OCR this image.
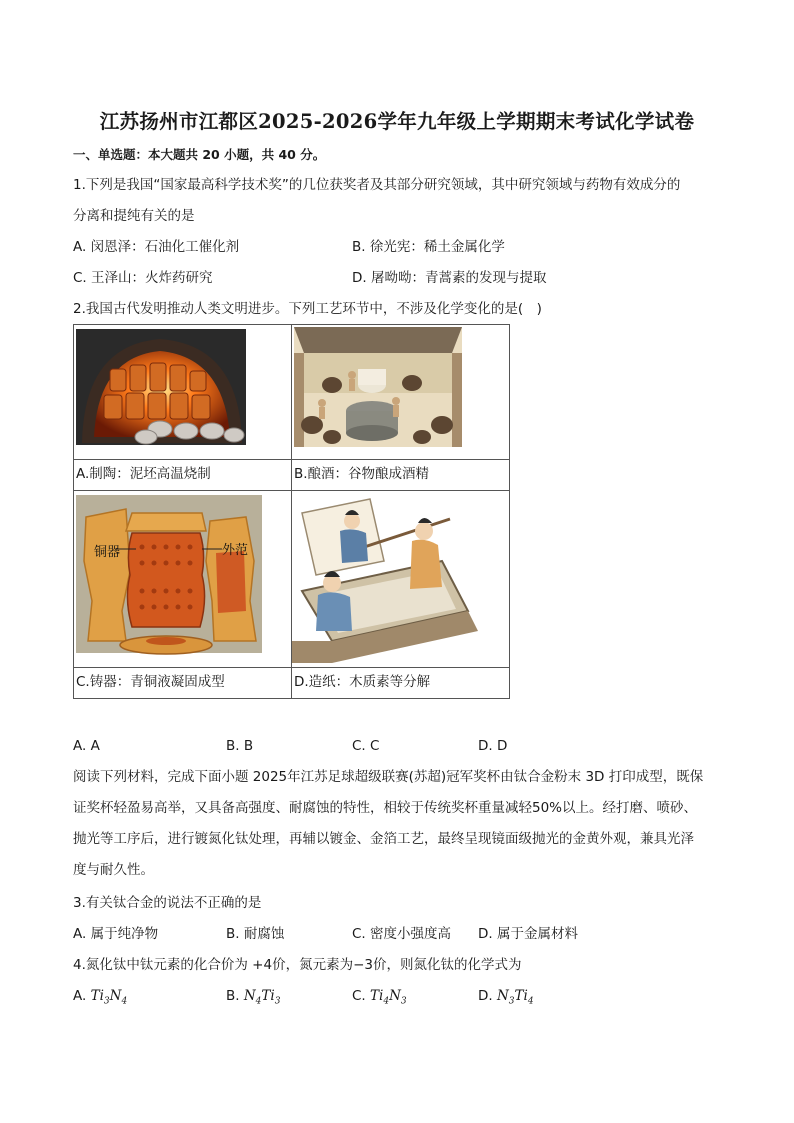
江苏扬州市江都区2025-2026学年九年级上学期期末考试化学试卷
一、单选题：本大题共 20 小题，共 40 分。
1.下列是我国“国家最高科学技术奖”的几位获奖者及其部分研究领域，其中研究领域与药物有效成分的
分离和提纯有关的是
A. 闵恩泽：石油化工催化剂	B. 徐光宪：稀土金属化学
C. 王泽山：火炸药研究	D. 屠呦呦：青蒿素的发现与提取
2.我国古代发明推动人类文明进步。下列工艺环节中，不涉及化学变化的是(　)

A.制陶：泥坯高温烧制	B.酿酒：谷物酿成酒精

铜器 外范

C.铸器：青铜液凝固成型	D.造纸：木质素等分解
A. A	B. B	C. C	D. D
阅读下列材料，完成下面小题 2025年江苏足球超级联赛(苏超)冠军奖杯由钛合金粉末 3D 打印成型，既保
证奖杯轻盈易高举，又具备高强度、耐腐蚀的特性，相较于传统奖杯重量减轻50%以上。经打磨、喷砂、
抛光等工序后，进行镀氮化钛处理，再辅以镀金、金箔工艺，最终呈现镜面级抛光的金黄外观，兼具光泽
度与耐久性。
3.有关钛合金的说法不正确的是
A. 属于纯净物	B. 耐腐蚀	C. 密度小强度高 D. 属于金属材料
4.氮化钛中钛元素的化合价为 +4价，氮元素为−3价，则氮化钛的化学式为
A. $Ti_3N_4$	B. $N_4Ti_3$	C. $Ti_4N_3$	D. $N_3Ti_4$
